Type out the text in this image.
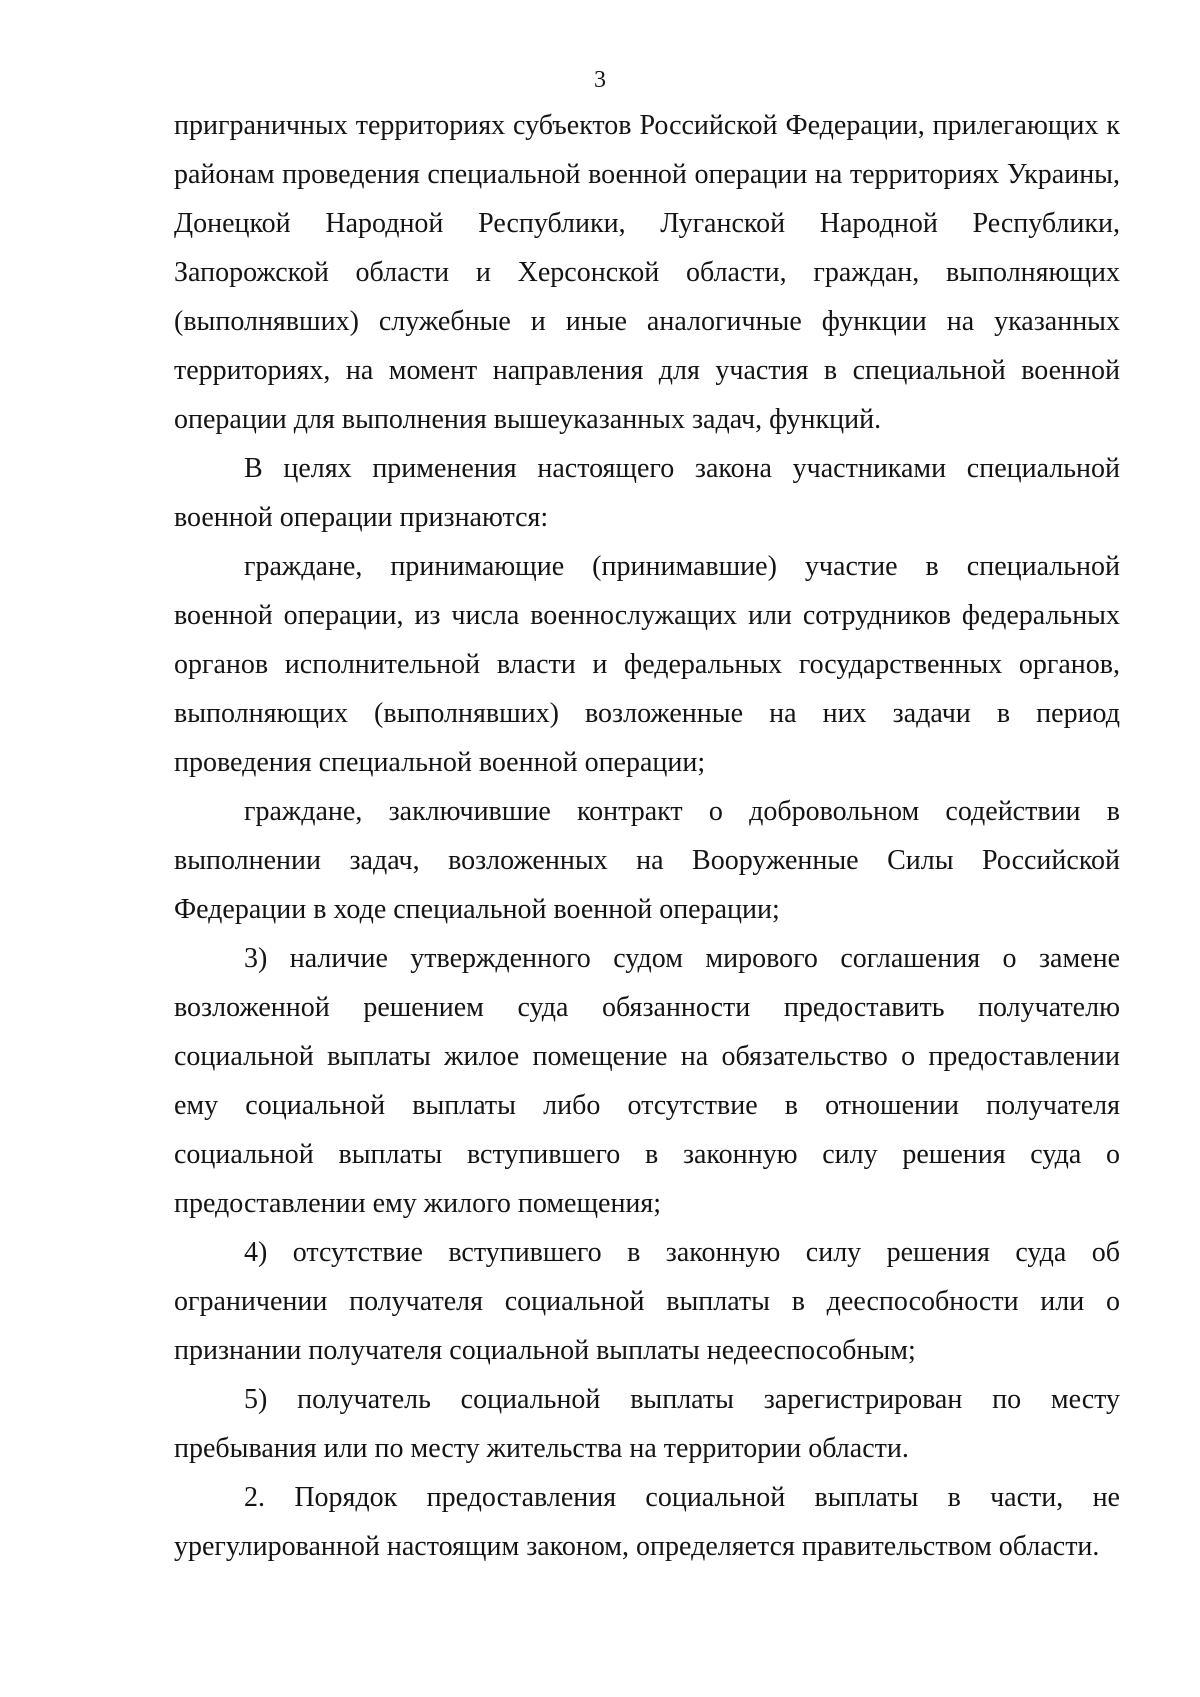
3

приграничных территориях субъектов Российской Федерации, прилегающих к районам проведения специальной военной операции на территориях Украины, Донецкой Народной Республики, Луганской Народной Республики, Запорожской области и Херсонской области, граждан, выполняющих (выполнявших) служебные и иные аналогичные функции на указанных территориях, на момент направления для участия в специальной военной операции для выполнения вышеуказанных задач, функций.

В целях применения настоящего закона участниками специальной военной операции признаются:

граждане, принимающие (принимавшие) участие в специальной военной операции, из числа военнослужащих или сотрудников федеральных органов исполнительной власти и федеральных государственных органов, выполняющих (выполнявших) возложенные на них задачи в период проведения специальной военной операции;

граждане, заключившие контракт о добровольном содействии в выполнении задач, возложенных на Вооруженные Силы Российской Федерации в ходе специальной военной операции;

3) наличие утвержденного судом мирового соглашения о замене возложенной решением суда обязанности предоставить получателю социальной выплаты жилое помещение на обязательство о предоставлении ему социальной выплаты либо отсутствие в отношении получателя социальной выплаты вступившего в законную силу решения суда о предоставлении ему жилого помещения;

4) отсутствие вступившего в законную силу решения суда об ограничении получателя социальной выплаты в дееспособности или о признании получателя социальной выплаты недееспособным;

5) получатель социальной выплаты зарегистрирован по месту пребывания или по месту жительства на территории области.

2. Порядок предоставления социальной выплаты в части, не урегулированной настоящим законом, определяется правительством области.
